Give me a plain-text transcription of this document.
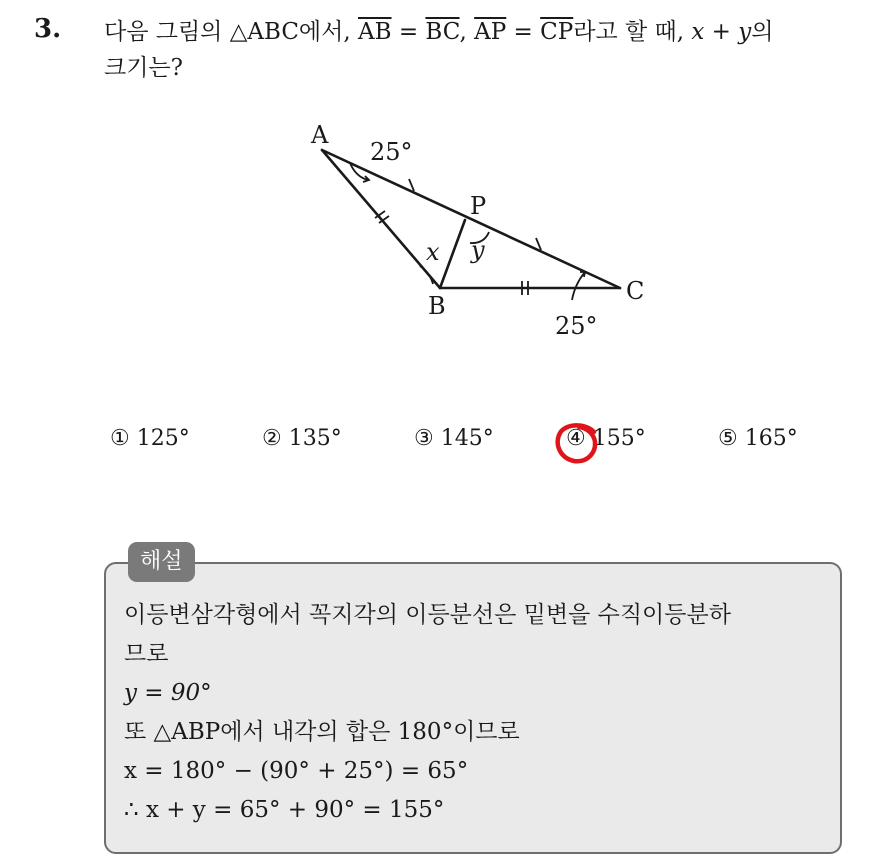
3. 다음 그림의 △ABC에서, $\overline{AB} = \overline{BC}$, $\overline{AP} = \overline{CP}$라고 할 때, x + y의
크기는?
A
P
B
C
25°
25°
x y
① 125°	② 135°	③ 145°	④ 155°	⑤ 165°
해설
이등변삼각형에서 꼭지각의 이등분선은 밑변을 수직이등분하
므로
y = 90°
또 △ABP에서 내각의 합은 180°이므로
x = 180° − (90° + 25°) = 65°
∴ x + y = 65° + 90° = 155°
